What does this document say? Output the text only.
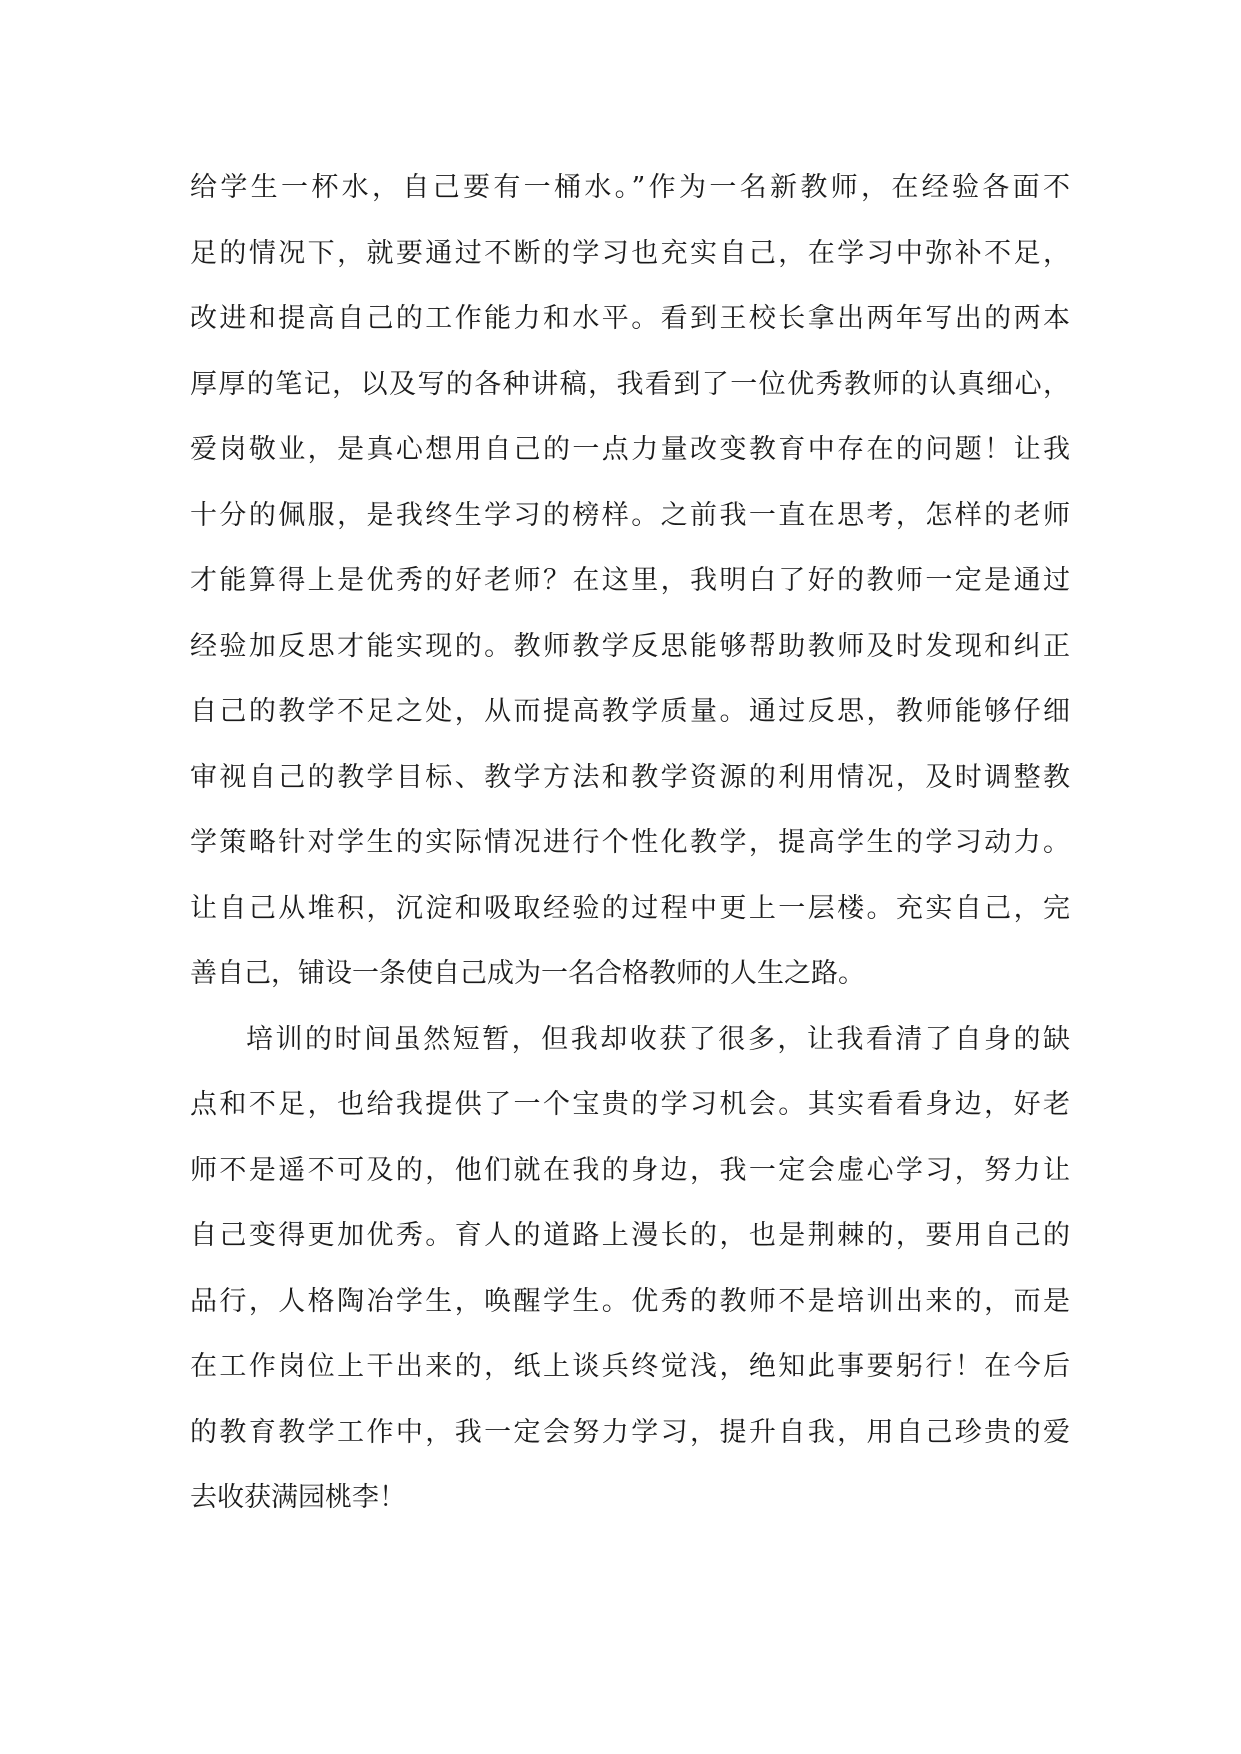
给学生一杯水，自己要有一桶水。”作为一名新教师，在经验各面不
足的情况下，就要通过不断的学习也充实自己，在学习中弥补不足，
改进和提高自己的工作能力和水平。看到王校长拿出两年写出的两本
厚厚的笔记，以及写的各种讲稿，我看到了一位优秀教师的认真细心，
爱岗敬业，是真心想用自己的一点力量改变教育中存在的问题！让我
十分的佩服，是我终生学习的榜样。之前我一直在思考，怎样的老师
才能算得上是优秀的好老师？在这里，我明白了好的教师一定是通过
经验加反思才能实现的。教师教学反思能够帮助教师及时发现和纠正
自己的教学不足之处，从而提高教学质量。通过反思，教师能够仔细
审视自己的教学目标、教学方法和教学资源的利用情况，及时调整教
学策略针对学生的实际情况进行个性化教学，提高学生的学习动力。
让自己从堆积，沉淀和吸取经验的过程中更上一层楼。充实自己，完
善自己，铺设一条使自己成为一名合格教师的人生之路。
培训的时间虽然短暂，但我却收获了很多，让我看清了自身的缺
点和不足，也给我提供了一个宝贵的学习机会。其实看看身边，好老
师不是遥不可及的，他们就在我的身边，我一定会虚心学习，努力让
自己变得更加优秀。育人的道路上漫长的，也是荆棘的，要用自己的
品行，人格陶冶学生，唤醒学生。优秀的教师不是培训出来的，而是
在工作岗位上干出来的，纸上谈兵终觉浅，绝知此事要躬行！在今后
的教育教学工作中，我一定会努力学习，提升自我，用自己珍贵的爱
去收获满园桃李！
